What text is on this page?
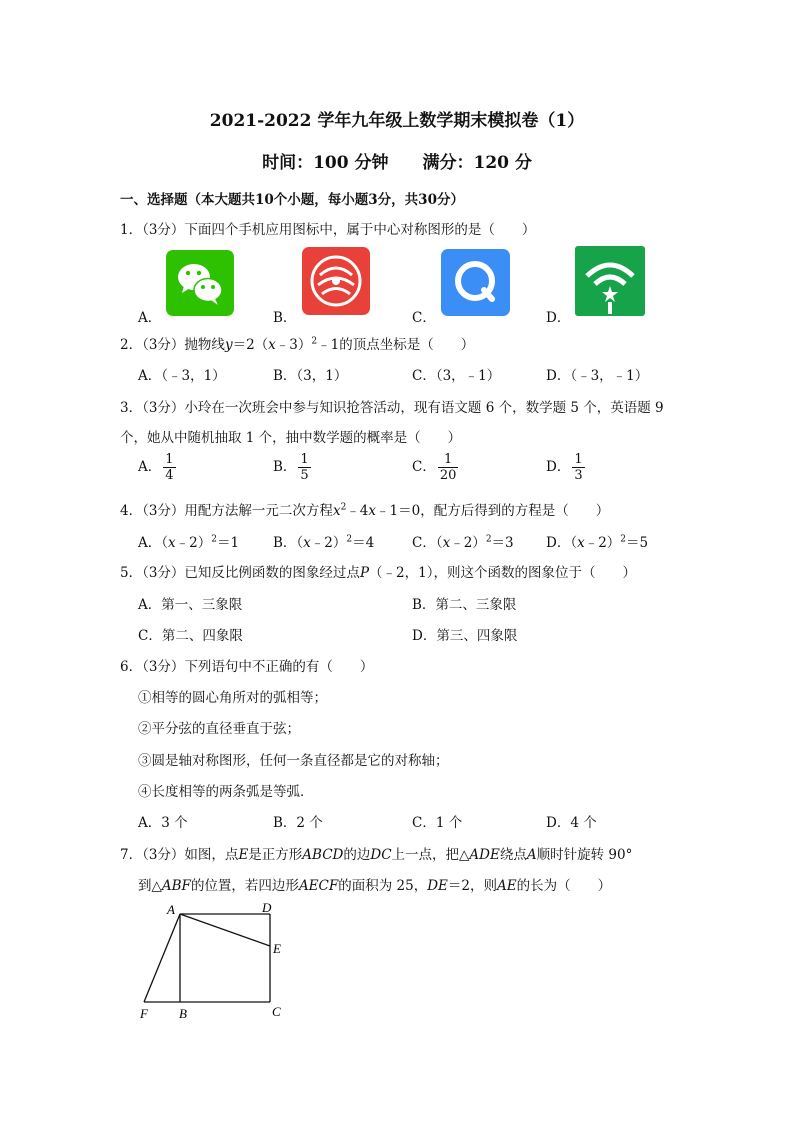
2021-2022 学年九年级上数学期末模拟卷（1）
时间：100 分钟　　满分：120 分
一、选择题（本大题共10个小题，每小题3分，共30分）
1．（3分）下面四个手机应用图标中，属于中心对称图形的是（　　）
A．	B．	C．	D．
2．（3分）抛物线y＝2（x﹣3）$^2$﹣1的顶点坐标是（　　）
A．（﹣3，1）	B．（3，1）	C．（3，﹣1）	D．（﹣3，﹣1）
3．（3分）小玲在一次班会中参与知识抢答活动，现有语文题 6 个，数学题 5 个，英语题 9
个，她从中随机抽取 1 个，抽中数学题的概率是（　　）
A． $\frac{1}{4}$	B． $\frac{1}{5}$	C． $\frac{1}{20}$	D． $\frac{1}{3}$
4．（3分）用配方法解一元二次方程$x^2﹣4x﹣1=0$，配方后得到的方程是（　　）
A．（x﹣2）$^2$＝1	B．（x﹣2）$^2$＝4	C．（x﹣2）$^2$＝3 D．（x﹣2）$^2$＝5
5．（3分）已知反比例函数的图象经过点P（﹣2，1），则这个函数的图象位于（　　）
A．第一、三象限	B．第二、三象限
C．第二、四象限	D．第三、四象限
6．（3分）下列语句中不正确的有（　　）
①相等的圆心角所对的弧相等；
②平分弦的直径垂直于弦；
③圆是轴对称图形，任何一条直径都是它的对称轴；
④长度相等的两条弧是等弧．
A．3 个	B．2 个	C．1 个	D．4 个
7．（3分）如图，点E是正方形ABCD的边DC上一点，把△ADE绕点A顺时针旋转 90°
到△ABF的位置，若四边形AECF的面积为 25，DE＝2，则AE的长为（　　）
A	D
E
F B	C
